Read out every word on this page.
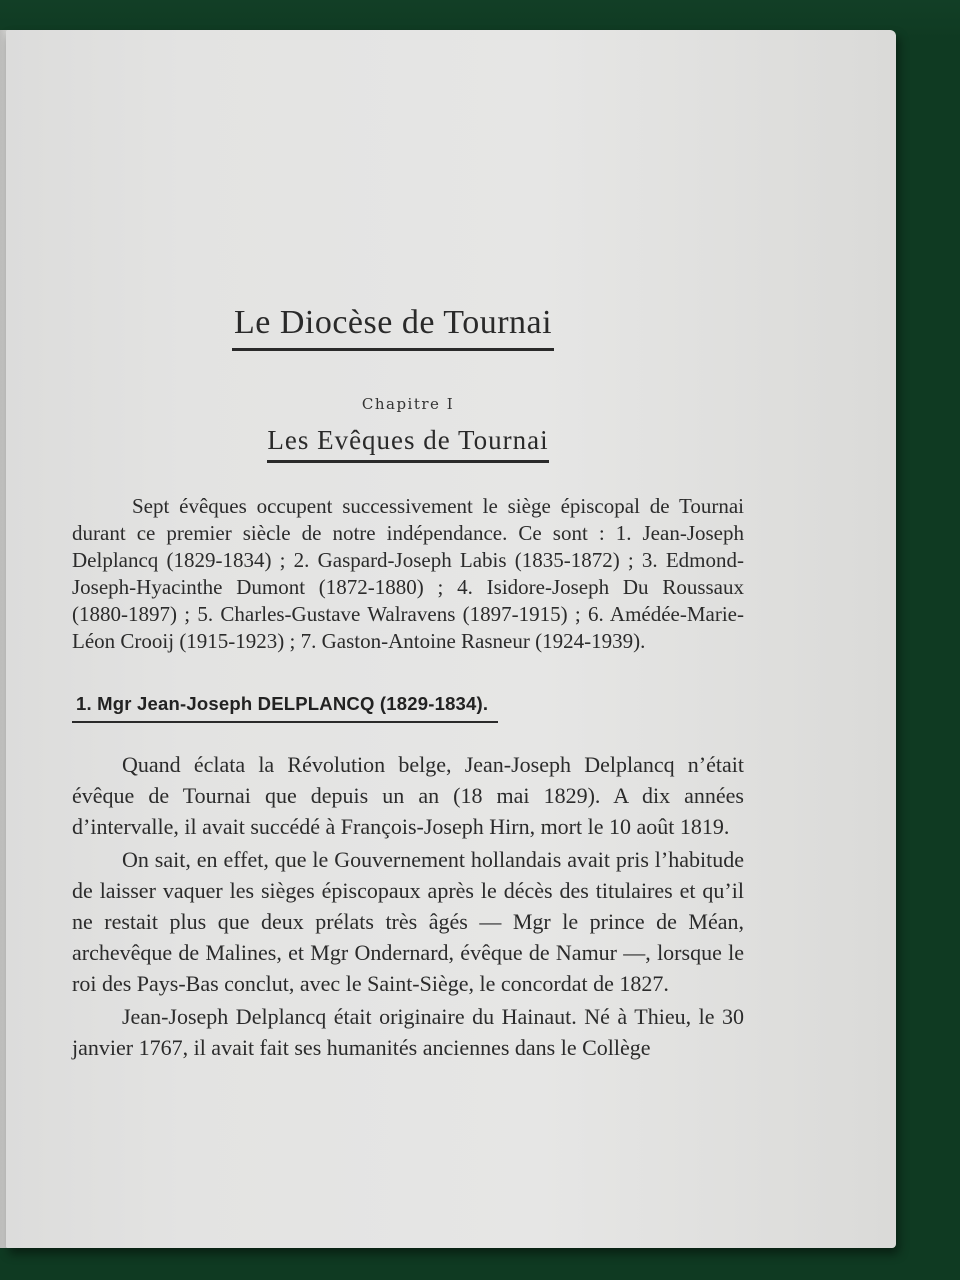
Le Diocèse de Tournai
Chapitre I
Les Evêques de Tournai

Sept évêques occupent successivement le siège épiscopal de Tournai durant ce premier siècle de notre indépendance. Ce sont : 1. Jean-Joseph Delplancq (1829-1834) ; 2. Gaspard-Joseph Labis (1835-1872) ; 3. Edmond-Joseph-Hyacinthe Dumont (1872-1880) ; 4. Isidore-Joseph Du Roussaux (1880-1897) ; 5. Charles-Gustave Walravens (1897-1915) ; 6. Amédée-Marie-Léon Crooij (1915-1923) ; 7. Gaston-Antoine Rasneur (1924-1939).

1. Mgr Jean-Joseph DELPLANCQ (1829-1834).

Quand éclata la Révolution belge, Jean-Joseph Delplancq n’était évêque de Tournai que depuis un an (18 mai 1829). A dix années d’intervalle, il avait succédé à François-Joseph Hirn, mort le 10 août 1819.

On sait, en effet, que le Gouvernement hollandais avait pris l’habitude de laisser vaquer les sièges épiscopaux après le décès des titulaires et qu’il ne restait plus que deux prélats très âgés — Mgr le prince de Méan, archevêque de Malines, et Mgr Ondernard, évêque de Namur —, lorsque le roi des Pays-Bas conclut, avec le Saint-Siège, le concordat de 1827.

Jean-Joseph Delplancq était originaire du Hainaut. Né à Thieu, le 30 janvier 1767, il avait fait ses humanités anciennes dans le Collège
